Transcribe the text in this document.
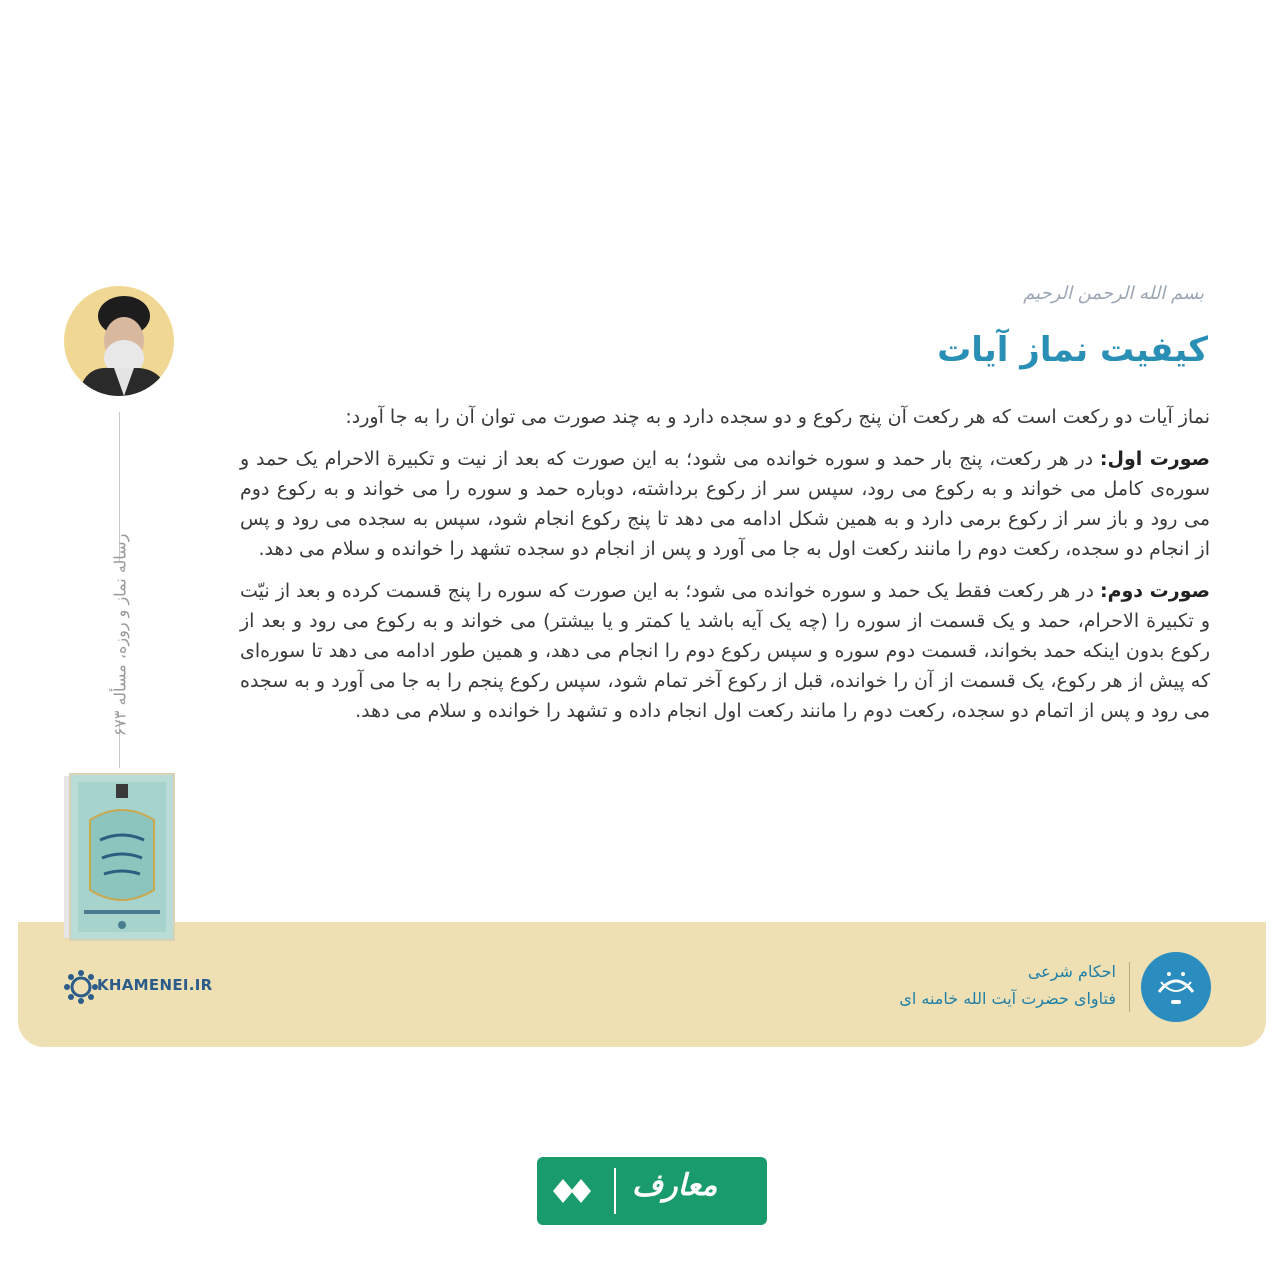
بسم الله الرحمن الرحیم
کیفیت نماز آیات

نماز آیات دو رکعت است که هر رکعت آن پنج رکوع و دو سجده دارد و به چند صورت می توان آن را به جا آورد:

صورت اول: در هر رکعت، پنج بار حمد و سوره خوانده می شود؛ به این صورت که بعد از نیت و تکبیرة الاحرام یک حمد و سوره‌ی کامل می خواند و به رکوع می رود، سپس سر از رکوع برداشته، دوباره حمد و سوره را می خواند و به رکوع دوم می رود و باز سر از رکوع برمی دارد و به همین شکل ادامه می دهد تا پنج رکوع انجام شود، سپس به سجده می رود و پس از انجام دو سجده، رکعت دوم را مانند رکعت اول به جا می آورد و پس از انجام دو سجده تشهد را خوانده و سلام می دهد.

صورت دوم: در هر رکعت فقط یک حمد و سوره خوانده می شود؛ به این صورت که سوره را پنج قسمت کرده و بعد از نیّت و تکبیرة الاحرام، حمد و یک قسمت از سوره را (چه یک آیه باشد یا کمتر و یا بیشتر) می خواند و به رکوع می رود و بعد از رکوع بدون اینکه حمد بخواند، قسمت دوم سوره و سپس رکوع دوم را انجام می دهد، و همین طور ادامه می دهد تا سوره‌ای که پیش از هر رکوع، یک قسمت از آن را خوانده، قبل از رکوع آخر تمام شود، سپس رکوع پنجم را به جا می آورد و به سجده می رود و پس از اتمام دو سجده، رکعت دوم را مانند رکعت اول انجام داده و تشهد را خوانده و سلام می دهد.

رساله نماز و روزه، مسأله ۶۷۳
KHAMENEI.IR
احکام شرعی
فتاوای حضرت آیت الله خامنه ای
معارف
